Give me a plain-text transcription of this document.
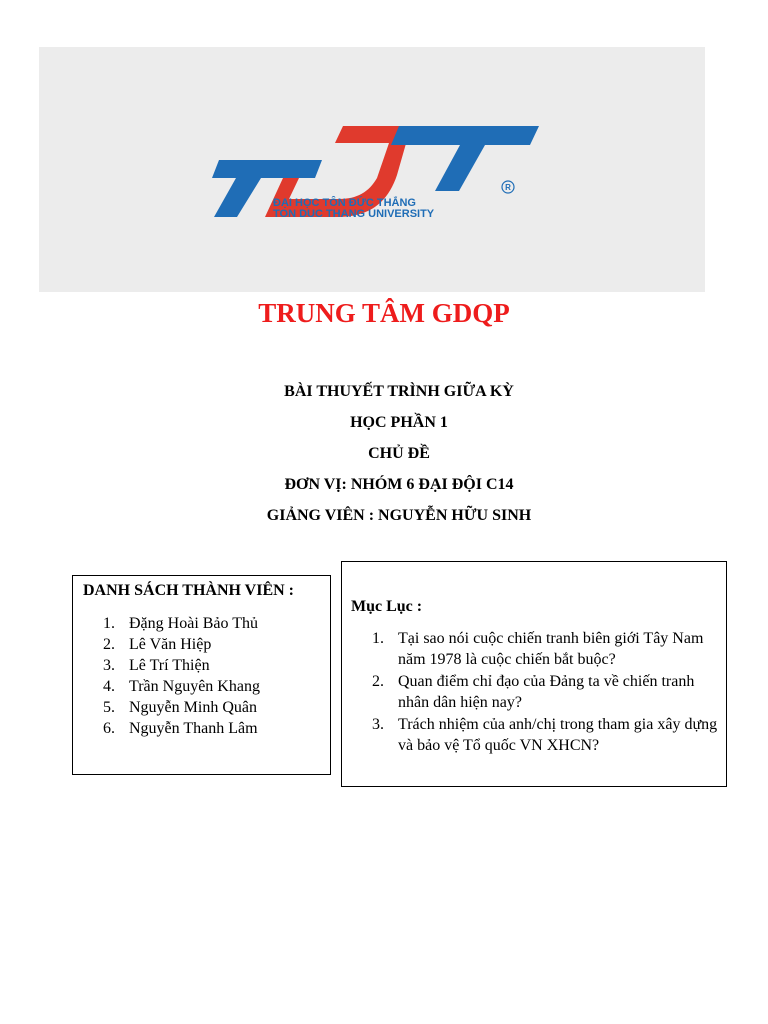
R
ĐẠI HỌC TÔN ĐỨC THẮNG
TON DUC THANG UNIVERSITY
TRUNG TÂM GDQP
BÀI THUYẾT TRÌNH GIỮA KỲ
HỌC PHẦN 1
CHỦ ĐỀ
ĐƠN VỊ: NHÓM 6 ĐẠI ĐỘI C14
GIẢNG VIÊN : NGUYỄN HỮU SINH
DANH SÁCH THÀNH VIÊN :
1. Đặng Hoài Bảo Thủ
2. Lê Văn Hiệp
3. Lê Trí Thiện
4. Trần Nguyên Khang
5. Nguyễn Minh Quân
6. Nguyễn Thanh Lâm
Mục Lục :
1. Tại sao nói cuộc chiến tranh biên giới Tây Nam năm 1978 là cuộc chiến bắt buộc?
2. Quan điểm chỉ đạo của Đảng ta về chiến tranh nhân dân hiện nay?
3. Trách nhiệm của anh/chị trong tham gia xây dựng và bảo vệ Tổ quốc VN XHCN?
